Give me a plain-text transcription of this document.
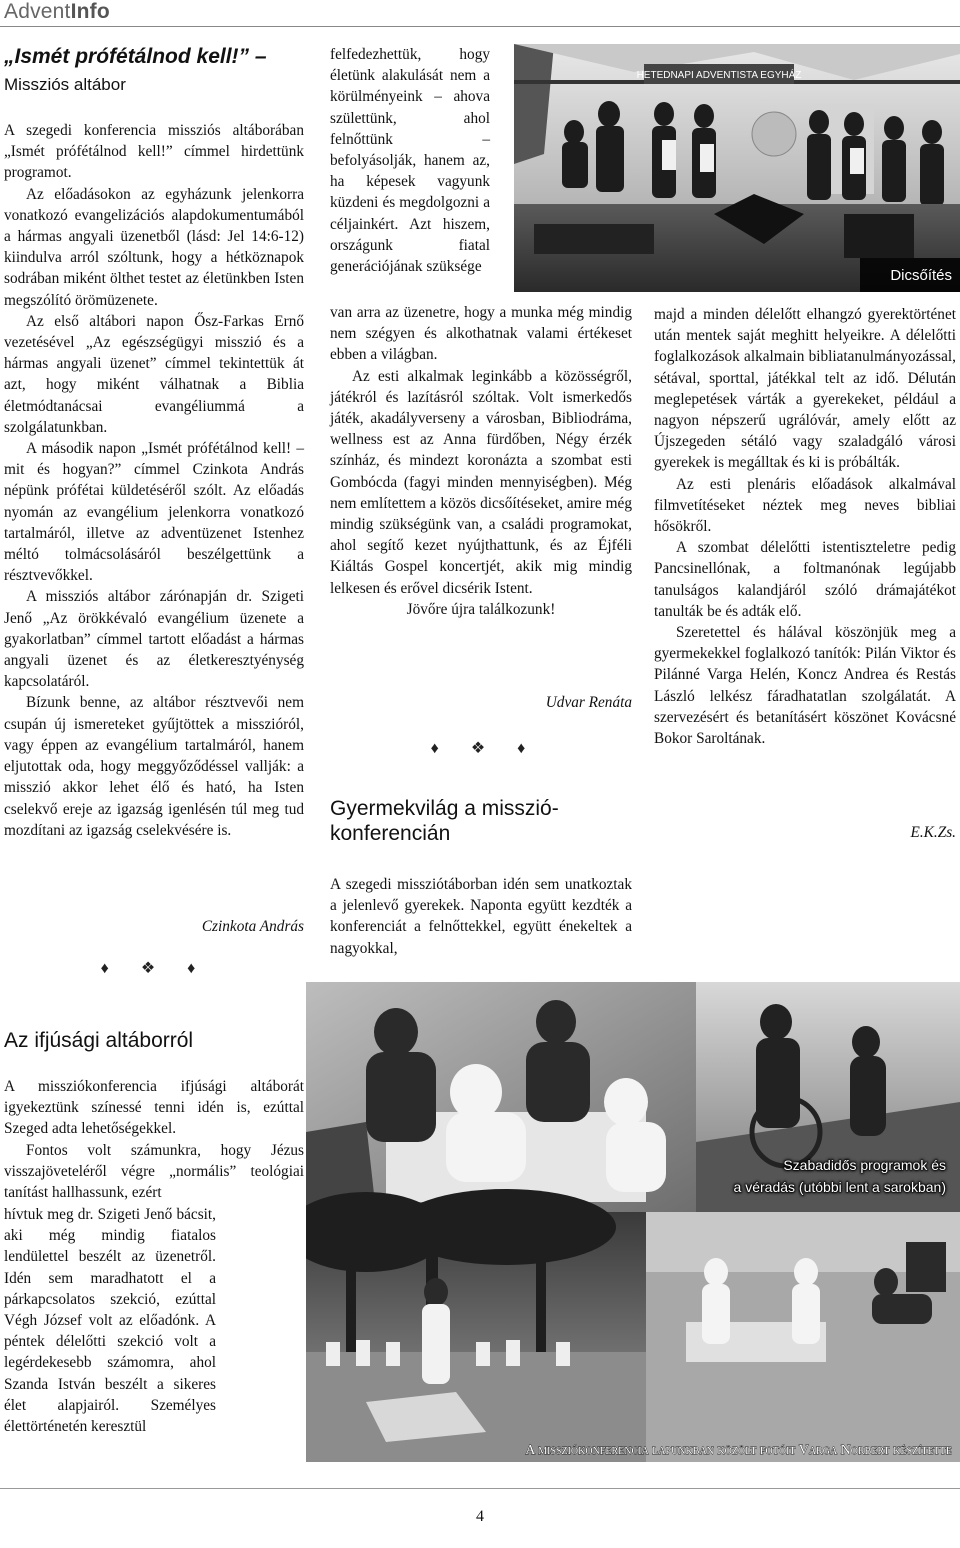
AdventInfo
„Ismét prófétálnod kell!” –
Missziós altábor

A szegedi konferencia missziós altáborában „Ismét prófétálnod kell!” címmel hirdettünk programot.

Az előadásokon az egyházunk jelenkorra vonatkozó evangelizációs alapdokumentumából a hármas angyali üzenetből (lásd: Jel 14:6-12) kiindulva arról szóltunk, hogy a hétköznapok sodrában miként ölthet testet az életünkben Isten megszólító örömüzenete.

Az első altábori napon Ősz-Farkas Ernő vezetésével „Az egészségügyi misszió és a hármas angyali üzenet” címmel tekintettük át azt, hogy miként válhatnak a Biblia életmódtanácsai evangéliummá a szolgálatunkban.

A második napon „Ismét prófétálnod kell! – mit és hogyan?” címmel Czinkota András népünk prófétai küldetéséről szólt. Az előadás nyomán az evangélium jelenkorra vonatkozó tartalmáról, illetve az adventüzenet Istenhez méltó tolmácsolásáról beszélgettünk a résztvevőkkel.

A missziós altábor zárónapján dr. Szigeti Jenő „Az örökkévaló evangélium üzenete a gyakorlatban” címmel tartott előadást a hármas angyali üzenet és az életkeresztyénység kapcsolatáról.

Bízunk benne, az altábor résztvevői nem csupán új ismereteket gyűjtöttek a misszióról, vagy éppen az evangélium tartalmáról, hanem eljutottak oda, hogy meggyőződéssel vallják: a misszió akkor lehet élő és ható, ha Isten cselekvő ereje az igazság igenlésén túl meg tud mozdítani az igazság cselekvésére is.

Czinkota András
♦ ❖ ♦
Az ifjúsági altáborról

A missziókonferencia ifjúsági altáborát igyekeztünk színessé tenni idén is, ezúttal Szeged adta lehetőségekkel.

Fontos volt számunkra, hogy Jézus visszajöveteléről végre „normális” teológiai tanítást hallhassunk, ezért

hívtuk meg dr. Szigeti Jenő bácsit, aki még mindig fiatalos lendülettel beszélt az üzenetről. Idén sem maradhatott el a párkapcsolatos szekció, ezúttal Végh József volt az előadónk. A péntek délelőtti szekció volt a legérdekesebb számomra, ahol Szanda István beszélt a sikeres élet alapjairól. Személyes élettörténetén keresztül

felfedezhettük, hogy életünk alakulását nem a körülményeink – ahova születtünk, ahol felnőttünk – befolyásolják, hanem az, ha képesek vagyunk küzdeni és megdolgozni a céljainkért. Azt hiszem, országunk fiatal generációjának szüksége

van arra az üzenetre, hogy a munka még mindig nem szégyen és alkothatnak valami értékeset ebben a világban.

Az esti alkalmak leginkább a közösségről, játékról és lazításról szóltak. Volt ismerkedős játék, akadályverseny a városban, Bibliodráma, wellness est az Anna fürdőben, Négy érzék színház, és mindezt koronázta a szombat esti Gombócda (fagyi minden mennyiségben). Még nem említettem a közös dicsőítéseket, amire még mindig szükségünk van, a családi programokat, ahol segítő kezet nyújthattunk, és az Éjféli Kiáltás Gospel koncertjét, akik mig mindig lelkesen és erővel dicsérik Istent.

Jövőre újra találkozunk!

Udvar Renáta
♦ ❖ ♦
Gyermekvilág a misszió-
konferencián

A szegedi missziótáborban idén sem unatkoztak a jelenlevő gyerekek. Naponta együtt kezdték a konferenciát a felnőttekkel, együtt énekeltek a nagyokkal,

majd a minden délelőtt elhangzó gyerektörténet után mentek saját meghitt helyeikre. A délelőtti foglalkozások alkalmain bibliatanulmányozással, sétával, sporttal, játékkal telt az idő. Délután meglepetések várták a gyerekeket, például a nagyon népszerű ugrálóvár, amely előtt az Újszegeden sétáló vagy szaladgáló városi gyerekek is megálltak és ki is próbálták.

Az esti plenáris előadások alkalmával filmvetítéseket néztek meg neves bibliai hősökről.

A szombat délelőtti istentiszteletre pedig Pancsinellónak, a foltmanónak legújabb tanulságos kalandjáról szóló drámajátékot tanulták be és adták elő.

Szeretettel és hálával köszönjük meg a gyermekekkel foglalkozó tanítók: Pilán Viktor és Pilánné Varga Helén, Koncz Andrea és Restás László lelkész fáradhatatlan szolgálatát. A szervezésért és betanításért köszönet Kovácsné Bokor Saroltának.

E.K.Zs.
HETEDNAPI ADVENTISTA EGYHÁZ
Dicsőítés
Szabadidős programok és
a véradás (utóbbi lent a sarokban)
A missziókonferencia lapunkban közölt fotóit Varga Norbert készítette
4
